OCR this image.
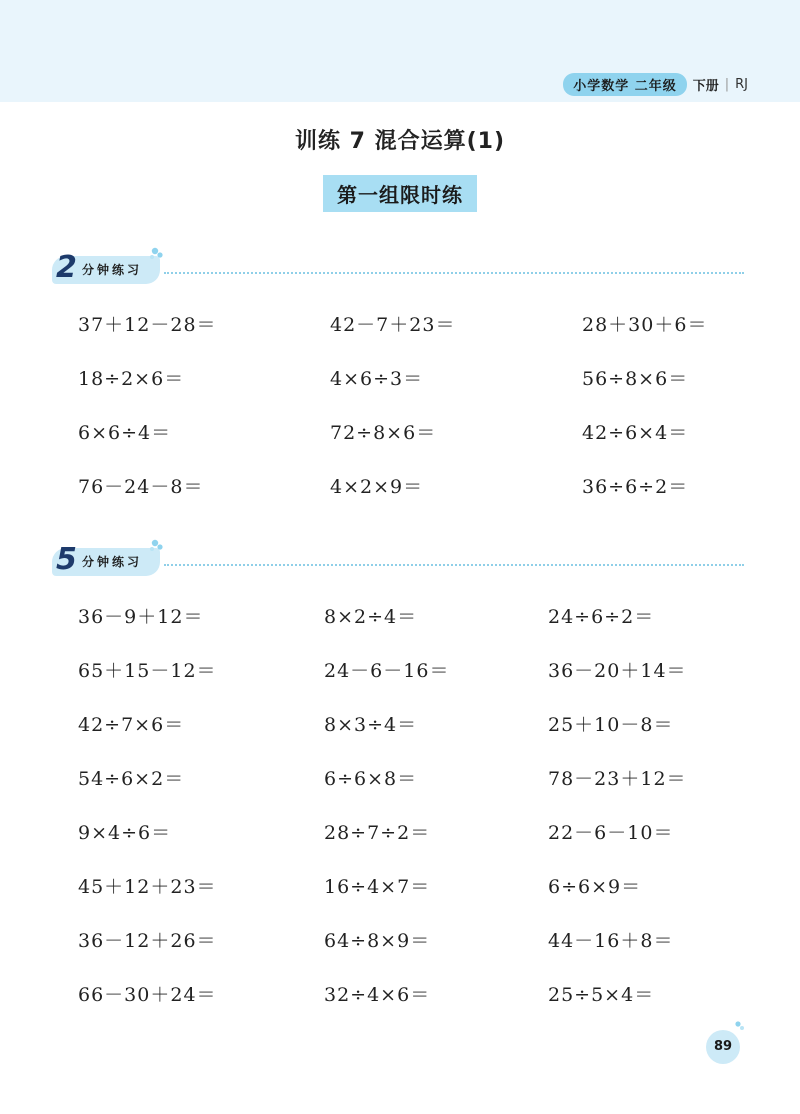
小学数学 二年级	下册 | RJ
训练 7 混合运算(1)
第一组限时练
2 分钟练习
37＋12－28＝	42－7＋23＝	28＋30＋6＝
18÷2×6＝	4×6÷3＝	56÷8×6＝
6×6÷4＝	72÷8×6＝	42÷6×4＝
76－24－8＝	4×2×9＝	36÷6÷2＝
5 分钟练习
36－9＋12＝	8×2÷4＝	24÷6÷2＝
65＋15－12＝	24－6－16＝	36－20＋14＝
42÷7×6＝	8×3÷4＝	25＋10－8＝
54÷6×2＝	6÷6×8＝	78－23＋12＝
9×4÷6＝	28÷7÷2＝	22－6－10＝
45＋12＋23＝	16÷4×7＝	6÷6×9＝
36－12＋26＝	64÷8×9＝	44－16＋8＝
66－30＋24＝	32÷4×6＝	25÷5×4＝
89
